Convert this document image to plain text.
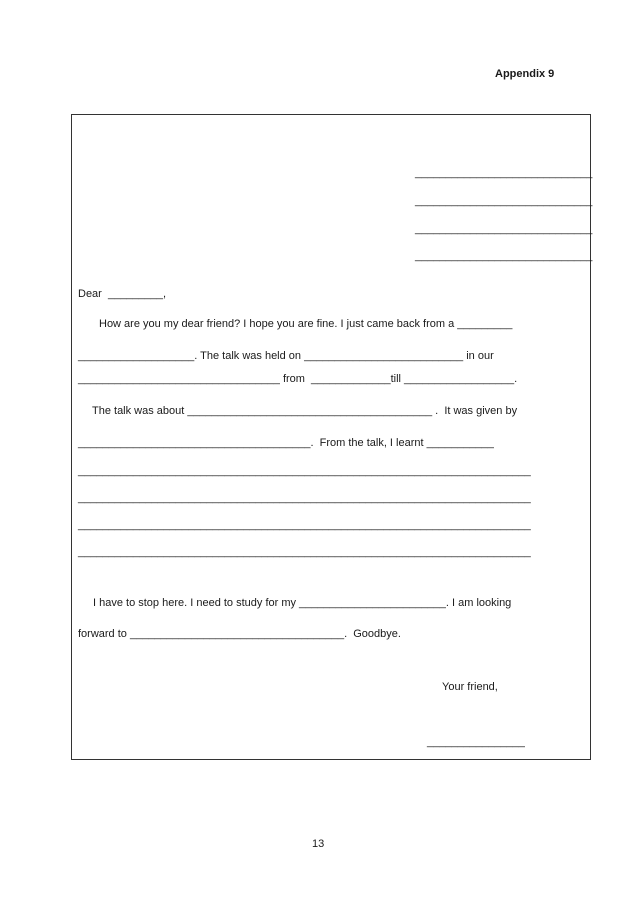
Appendix 9
_____________________________
_____________________________
_____________________________
_____________________________
Dear  _________,
How are you my dear friend? I hope you are fine. I just came back from a _________
___________________. The talk was held on __________________________ in our
_________________________________ from  _____________till __________________.
The talk was about ________________________________________ .  It was given by
______________________________________.  From the talk, I learnt ___________
__________________________________________________________________________
__________________________________________________________________________
__________________________________________________________________________
__________________________________________________________________________
I have to stop here. I need to study for my ________________________. I am looking
forward to ___________________________________.  Goodbye.
Your friend,
________________
13
